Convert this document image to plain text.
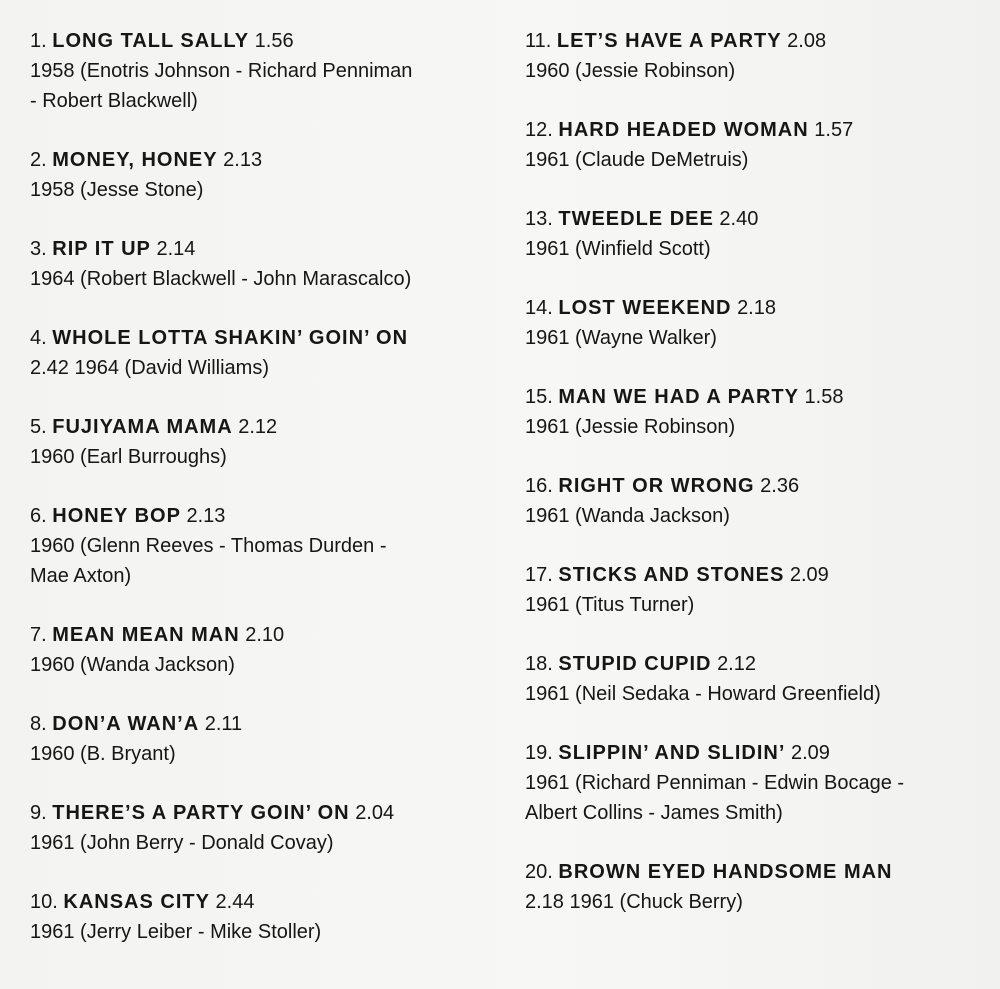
1. LONG TALL SALLY 1.56
1958 (Enotris Johnson - Richard Penniman
- Robert Blackwell)
2. MONEY, HONEY 2.13
1958 (Jesse Stone)
3. RIP IT UP 2.14
1964 (Robert Blackwell - John Marascalco)
4. WHOLE LOTTA SHAKIN’ GOIN’ ON
2.42 1964 (David Williams)
5. FUJIYAMA MAMA 2.12
1960 (Earl Burroughs)
6. HONEY BOP 2.13
1960 (Glenn Reeves - Thomas Durden -
Mae Axton)
7. MEAN MEAN MAN 2.10
1960 (Wanda Jackson)
8. DON’A WAN’A 2.11
1960 (B. Bryant)
9. THERE’S A PARTY GOIN’ ON 2.04
1961 (John Berry - Donald Covay)
10. KANSAS CITY 2.44
1961 (Jerry Leiber - Mike Stoller)
11. LET’S HAVE A PARTY 2.08
1960 (Jessie Robinson)
12. HARD HEADED WOMAN 1.57
1961 (Claude DeMetruis)
13. TWEEDLE DEE 2.40
1961 (Winfield Scott)
14. LOST WEEKEND 2.18
1961 (Wayne Walker)
15. MAN WE HAD A PARTY 1.58
1961 (Jessie Robinson)
16. RIGHT OR WRONG 2.36
1961 (Wanda Jackson)
17. STICKS AND STONES 2.09
1961 (Titus Turner)
18. STUPID CUPID 2.12
1961 (Neil Sedaka - Howard Greenfield)
19. SLIPPIN’ AND SLIDIN’ 2.09
1961 (Richard Penniman - Edwin Bocage -
Albert Collins - James Smith)
20. BROWN EYED HANDSOME MAN
2.18 1961 (Chuck Berry)
